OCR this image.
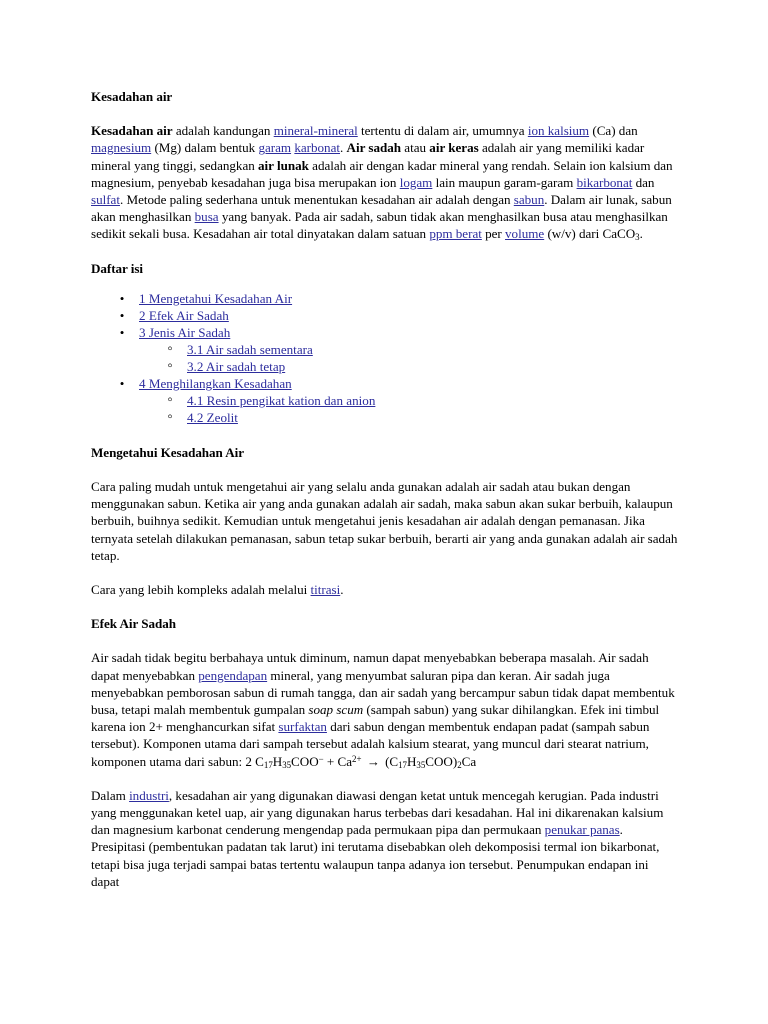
Kesadahan air

Kesadahan air adalah kandungan mineral-mineral tertentu di dalam air, umumnya ion kalsium (Ca) dan magnesium (Mg) dalam bentuk garam karbonat. Air sadah atau air keras adalah air yang memiliki kadar mineral yang tinggi, sedangkan air lunak adalah air dengan kadar mineral yang rendah. Selain ion kalsium dan magnesium, penyebab kesadahan juga bisa merupakan ion logam lain maupun garam-garam bikarbonat dan sulfat. Metode paling sederhana untuk menentukan kesadahan air adalah dengan sabun. Dalam air lunak, sabun akan menghasilkan busa yang banyak. Pada air sadah, sabun tidak akan menghasilkan busa atau menghasilkan sedikit sekali busa. Kesadahan air total dinyatakan dalam satuan ppm berat per volume (w/v) dari CaCO$_3$.

Daftar isi
•
1 Mengetahui Kesadahan Air
•
2 Efek Air Sadah
•
3 Jenis Air Sadah
◦
3.1 Air sadah sementara
◦
3.2 Air sadah tetap
•
4 Menghilangkan Kesadahan
◦
4.1 Resin pengikat kation dan anion
◦
4.2 Zeolit
Mengetahui Kesadahan Air

Cara paling mudah untuk mengetahui air yang selalu anda gunakan adalah air sadah atau bukan dengan menggunakan sabun. Ketika air yang anda gunakan adalah air sadah, maka sabun akan sukar berbuih, kalaupun berbuih, buihnya sedikit. Kemudian untuk mengetahui jenis kesadahan air adalah dengan pemanasan. Jika ternyata setelah dilakukan pemanasan, sabun tetap sukar berbuih, berarti air yang anda gunakan adalah air sadah tetap.

Cara yang lebih kompleks adalah melalui titrasi.

Efek Air Sadah

Air sadah tidak begitu berbahaya untuk diminum, namun dapat menyebabkan beberapa masalah. Air sadah dapat menyebabkan pengendapan mineral, yang menyumbat saluran pipa dan keran. Air sadah juga menyebabkan pemborosan sabun di rumah tangga, dan air sadah yang bercampur sabun tidak dapat membentuk busa, tetapi malah membentuk gumpalan soap scum (sampah sabun) yang sukar dihilangkan. Efek ini timbul karena ion 2+ menghancurkan sifat surfaktan dari sabun dengan membentuk endapan padat (sampah sabun tersebut). Komponen utama dari sampah tersebut adalah kalsium stearat, yang muncul dari stearat natrium, komponen utama dari sabun: 2 $C_{17}H_{35}COO^- + Ca^{2+} \to (C_{17}H_{35}COO)_2Ca$

Dalam industri, kesadahan air yang digunakan diawasi dengan ketat untuk mencegah kerugian. Pada industri yang menggunakan ketel uap, air yang digunakan harus terbebas dari kesadahan. Hal ini dikarenakan kalsium dan magnesium karbonat cenderung mengendap pada permukaan pipa dan permukaan penukar panas. Presipitasi (pembentukan padatan tak larut) ini terutama disebabkan oleh dekomposisi termal ion bikarbonat, tetapi bisa juga terjadi sampai batas tertentu walaupun tanpa adanya ion tersebut. Penumpukan endapan ini dapat
